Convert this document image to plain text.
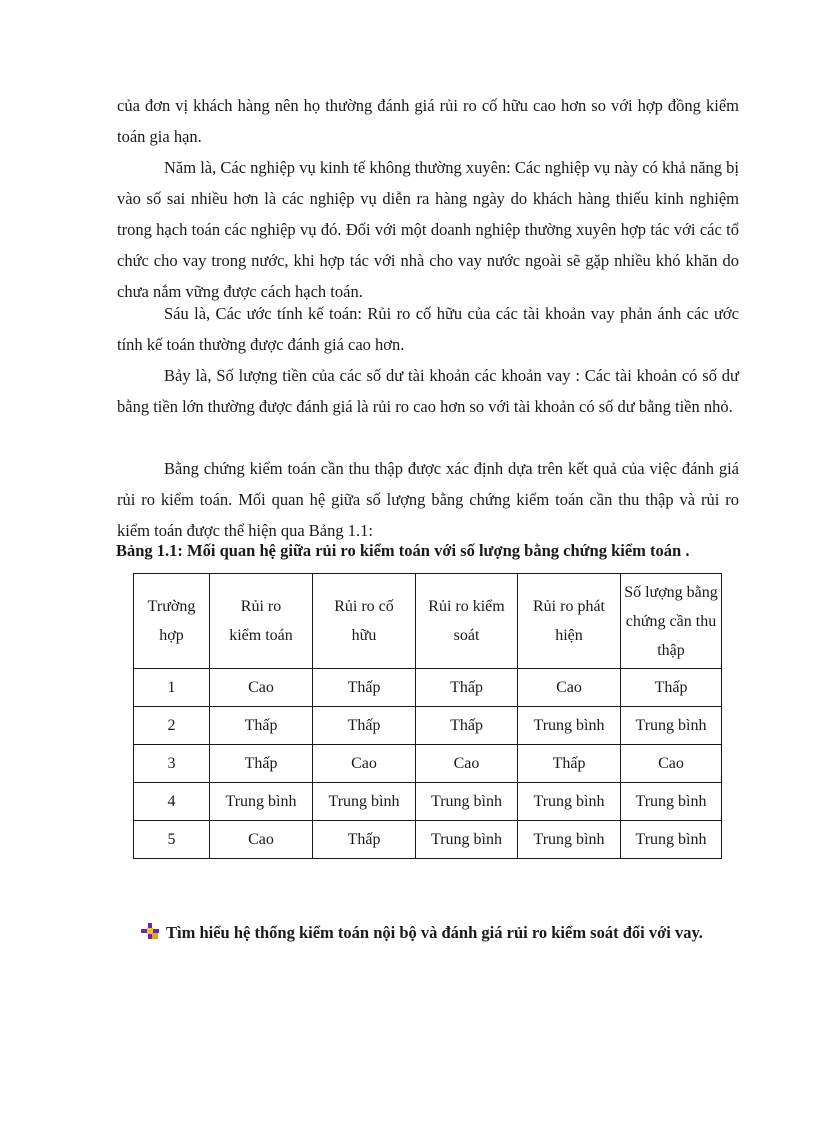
của đơn vị khách hàng nên họ thường đánh giá rủi ro cố hữu cao hơn so với hợp đồng kiểm toán gia hạn.

Năm là, Các nghiệp vụ kinh tế không thường xuyên: Các nghiệp vụ này có khả năng bị vào số sai nhiều hơn là các nghiệp vụ diễn ra hàng ngày do khách hàng thiếu kinh nghiệm trong hạch toán các nghiệp vụ đó. Đối với một doanh nghiệp thường xuyên hợp tác với các tổ chức cho vay trong nước, khi hợp tác với nhà cho vay nước ngoài sẽ gặp nhiều khó khăn do chưa nắm vững được cách hạch toán.

Sáu là, Các ước tính kế toán: Rủi ro cố hữu của các tài khoản vay phản ánh các ước tính kế toán thường được đánh giá cao hơn.

Bảy là, Số lượng tiền của các số dư tài khoản các khoản vay : Các tài khoản có số dư bằng tiền lớn thường được đánh giá là rủi ro cao hơn so với tài khoản có số dư bằng tiền nhỏ.

Bằng chứng kiểm toán cần thu thập được xác định dựa trên kết quả của việc đánh giá rủi ro kiểm toán. Mối quan hệ giữa số lượng bằng chứng kiểm toán cần thu thập và rủi ro kiểm toán được thể hiện qua Bảng 1.1:

Bảng 1.1: Mối quan hệ giữa rủi ro kiểm toán với số lượng bằng chứng kiểm toán .

Trường hợp	Rủi ro kiểm toán	Rủi ro cố hữu	Rủi ro kiểm soát	Rủi ro phát hiện	Số lượng bằng chứng cần thu thập

1	Cao	Thấp	Thấp	Cao	Thấp
2	Thấp	Thấp	Thấp	Trung bình	Trung bình
3	Thấp	Cao	Cao	Thấp	Cao
4	Trung bình	Trung bình	Trung bình	Trung bình	Trung bình
5	Cao	Thấp	Trung bình	Trung bình	Trung bình

Tìm hiểu hệ thống kiểm toán nội bộ và đánh giá rủi ro kiểm soát đối với vay.
